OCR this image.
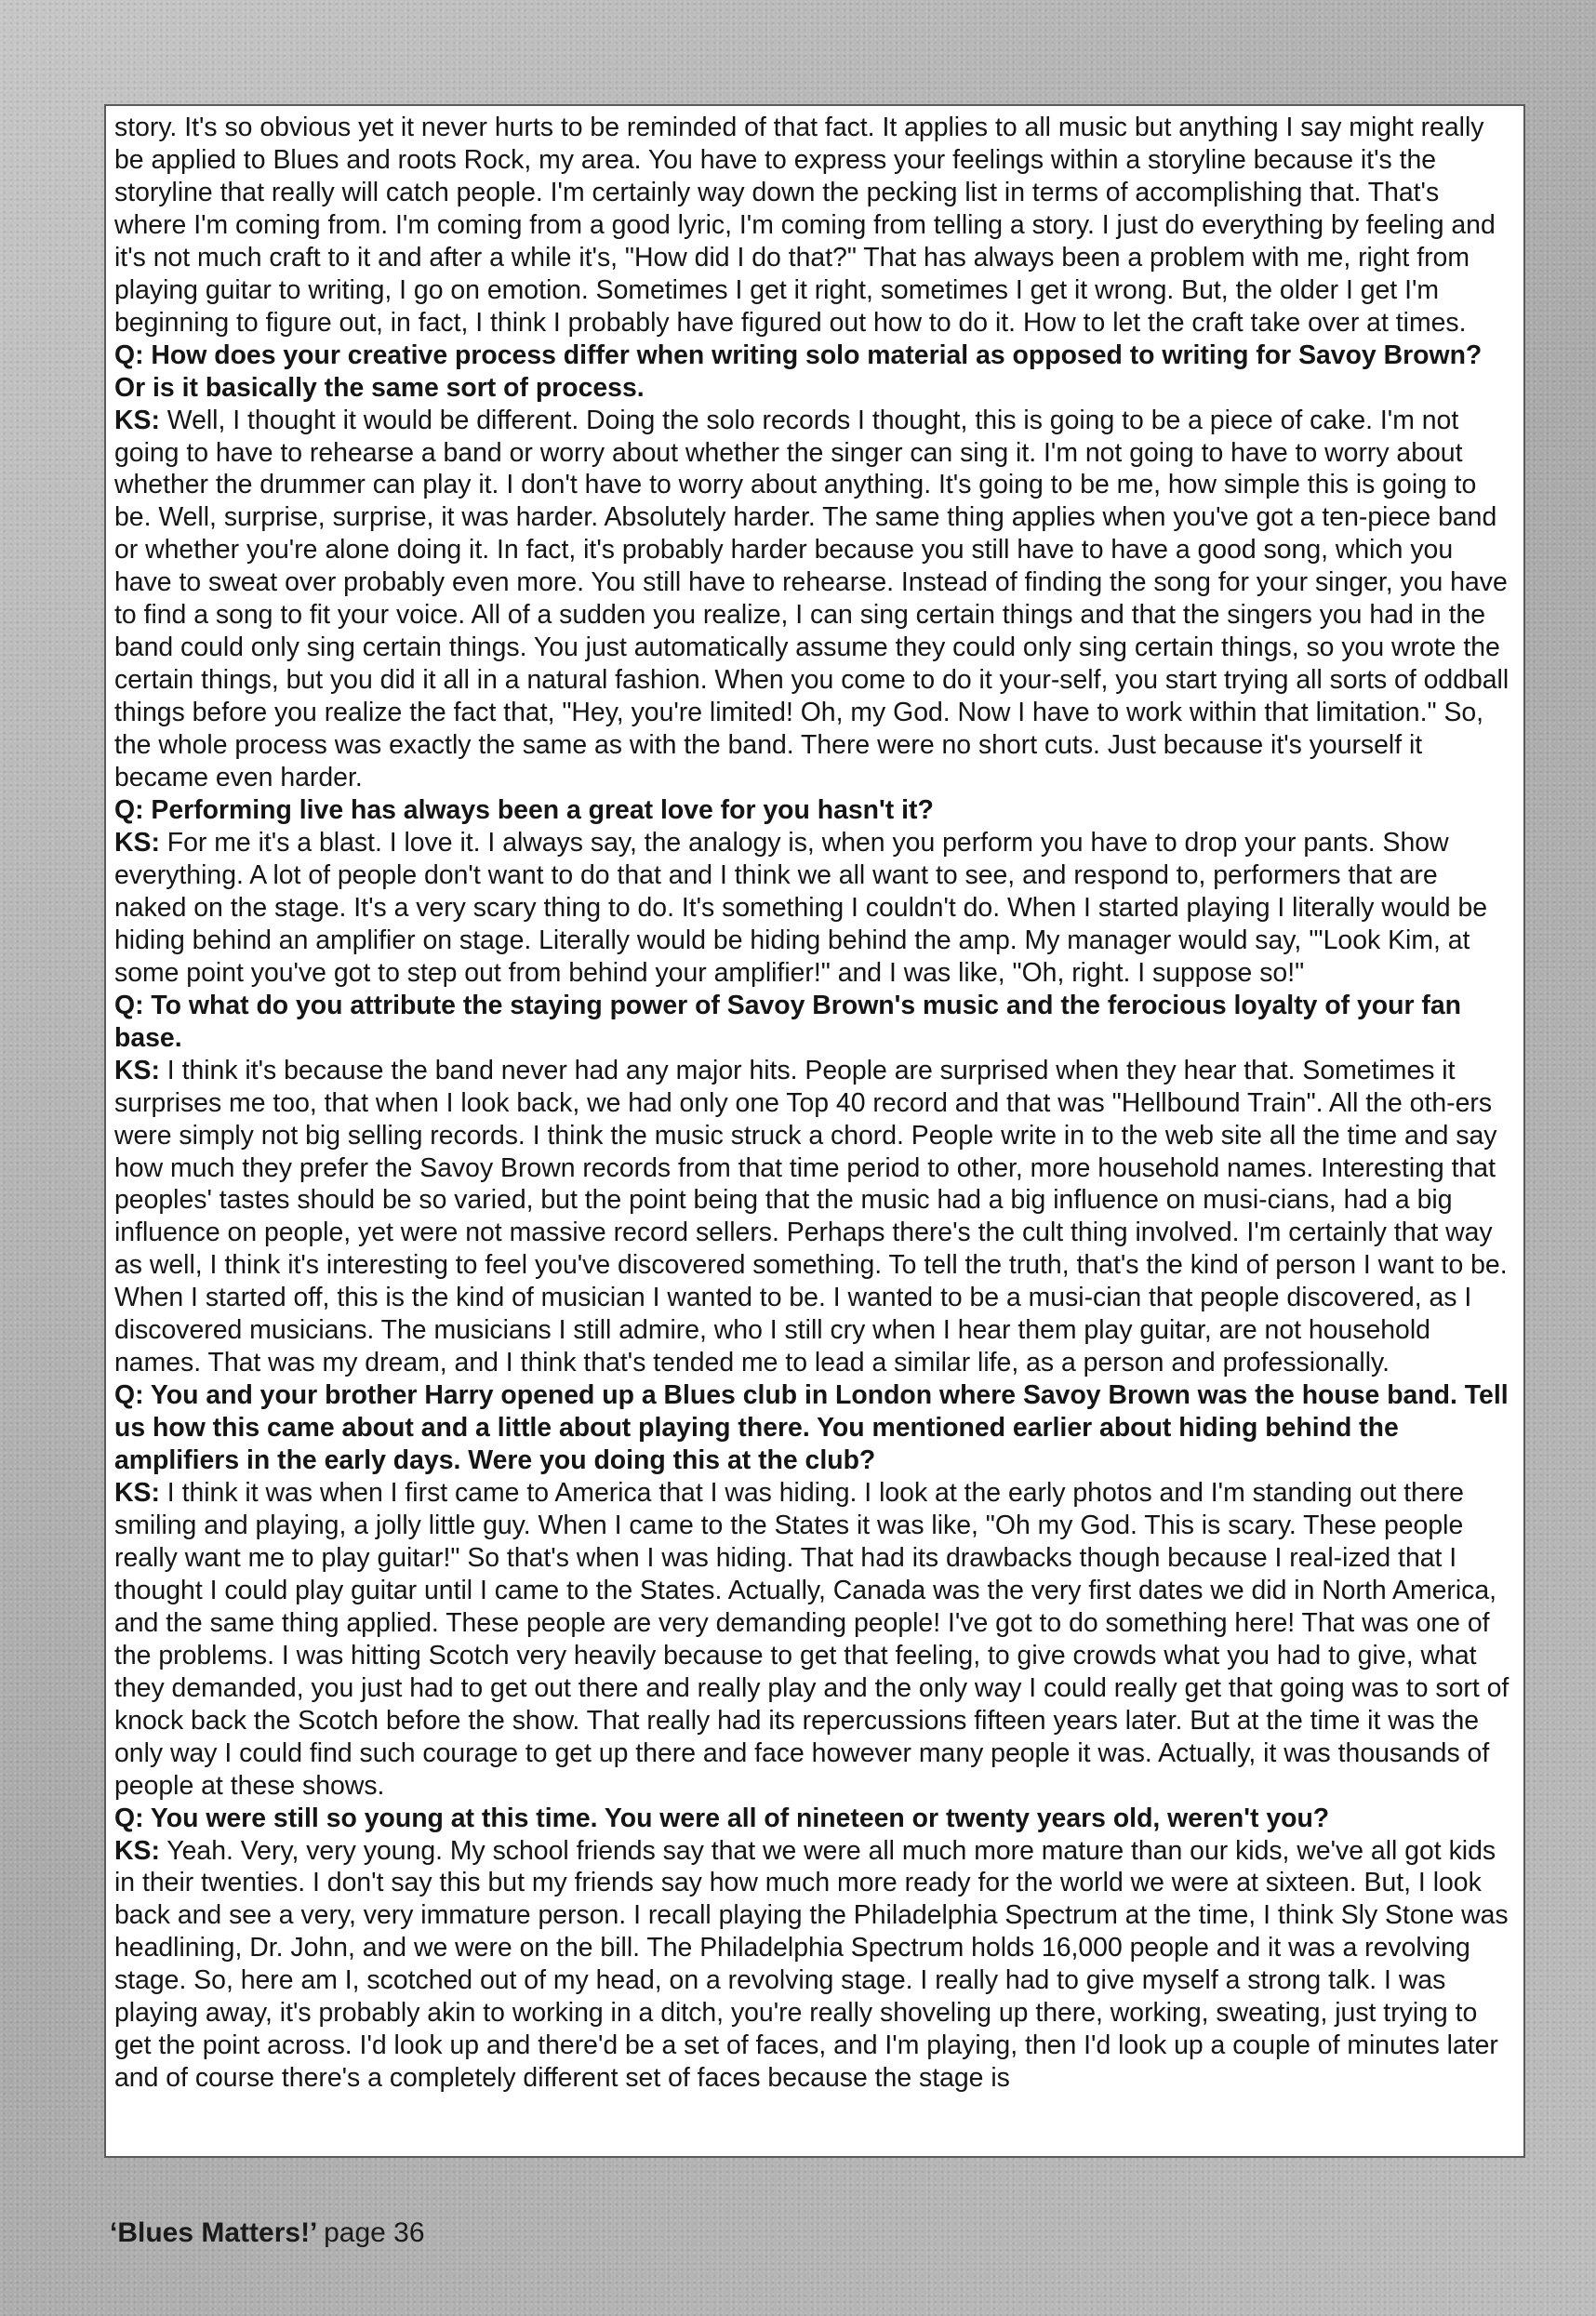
story. It's so obvious yet it never hurts to be reminded of that fact. It applies to all music but anything I say might really be applied to Blues and roots Rock, my area. You have to express your feelings within a storyline because it's the storyline that really will catch people. I'm certainly way down the pecking list in terms of accomplishing that. That's where I'm coming from. I'm coming from a good lyric, I'm coming from telling a story. I just do everything by feeling and it's not much craft to it and after a while it's, "How did I do that?" That has always been a problem with me, right from playing guitar to writing, I go on emotion. Sometimes I get it right, sometimes I get it wrong. But, the older I get I'm beginning to figure out, in fact, I think I probably have figured out how to do it. How to let the craft take over at times.

Q: How does your creative process differ when writing solo material as opposed to writing for Savoy Brown? Or is it basically the same sort of process.

KS: Well, I thought it would be different. Doing the solo records I thought, this is going to be a piece of cake. I'm not going to have to rehearse a band or worry about whether the singer can sing it. I'm not going to have to worry about whether the drummer can play it. I don't have to worry about anything. It's going to be me, how simple this is going to be. Well, surprise, surprise, it was harder. Absolutely harder. The same thing applies when you've got a ten-piece band or whether you're alone doing it. In fact, it's probably harder because you still have to have a good song, which you have to sweat over probably even more. You still have to rehearse. Instead of finding the song for your singer, you have to find a song to fit your voice. All of a sudden you realize, I can sing certain things and that the singers you had in the band could only sing certain things. You just automatically assume they could only sing certain things, so you wrote the certain things, but you did it all in a natural fashion. When you come to do it your-self, you start trying all sorts of oddball things before you realize the fact that, "Hey, you're limited! Oh, my God. Now I have to work within that limitation." So, the whole process was exactly the same as with the band. There were no short cuts. Just because it's yourself it became even harder.

Q: Performing live has always been a great love for you hasn't it?

KS: For me it's a blast. I love it. I always say, the analogy is, when you perform you have to drop your pants. Show everything. A lot of people don't want to do that and I think we all want to see, and respond to, performers that are naked on the stage. It's a very scary thing to do. It's something I couldn't do. When I started playing I literally would be hiding behind an amplifier on stage. Literally would be hiding behind the amp. My manager would say, '"Look Kim, at some point you've got to step out from behind your amplifier!" and I was like, "Oh, right. I suppose so!"

Q: To what do you attribute the staying power of Savoy Brown's music and the ferocious loyalty of your fan base.

KS: I think it's because the band never had any major hits. People are surprised when they hear that. Sometimes it surprises me too, that when I look back, we had only one Top 40 record and that was "Hellbound Train". All the oth-ers were simply not big selling records. I think the music struck a chord. People write in to the web site all the time and say how much they prefer the Savoy Brown records from that time period to other, more household names. Interesting that peoples' tastes should be so varied, but the point being that the music had a big influence on musi-cians, had a big influence on people, yet were not massive record sellers. Perhaps there's the cult thing involved. I'm certainly that way as well, I think it's interesting to feel you've discovered something. To tell the truth, that's the kind of person I want to be. When I started off, this is the kind of musician I wanted to be. I wanted to be a musi-cian that people discovered, as I discovered musicians. The musicians I still admire, who I still cry when I hear them play guitar, are not household names. That was my dream, and I think that's tended me to lead a similar life, as a person and professionally.

Q: You and your brother Harry opened up a Blues club in London where Savoy Brown was the house band. Tell us how this came about and a little about playing there. You mentioned earlier about hiding behind the amplifiers in the early days. Were you doing this at the club?

KS: I think it was when I first came to America that I was hiding. I look at the early photos and I'm standing out there smiling and playing, a jolly little guy. When I came to the States it was like, "Oh my God. This is scary. These people really want me to play guitar!" So that's when I was hiding. That had its drawbacks though because I real-ized that I thought I could play guitar until I came to the States. Actually, Canada was the very first dates we did in North America, and the same thing applied. These people are very demanding people! I've got to do something here! That was one of the problems. I was hitting Scotch very heavily because to get that feeling, to give crowds what you had to give, what they demanded, you just had to get out there and really play and the only way I could really get that going was to sort of knock back the Scotch before the show. That really had its repercussions fifteen years later. But at the time it was the only way I could find such courage to get up there and face however many people it was. Actually, it was thousands of people at these shows.

Q: You were still so young at this time. You were all of nineteen or twenty years old, weren't you?

KS: Yeah. Very, very young. My school friends say that we were all much more mature than our kids, we've all got kids in their twenties. I don't say this but my friends say how much more ready for the world we were at sixteen. But, I look back and see a very, very immature person. I recall playing the Philadelphia Spectrum at the time, I think Sly Stone was headlining, Dr. John, and we were on the bill. The Philadelphia Spectrum holds 16,000 people and it was a revolving stage. So, here am I, scotched out of my head, on a revolving stage. I really had to give myself a strong talk. I was playing away, it's probably akin to working in a ditch, you're really shoveling up there, working, sweating, just trying to get the point across. I'd look up and there'd be a set of faces, and I'm playing, then I'd look up a couple of minutes later and of course there's a completely different set of faces because the stage is

‘Blues Matters!’ page 36
